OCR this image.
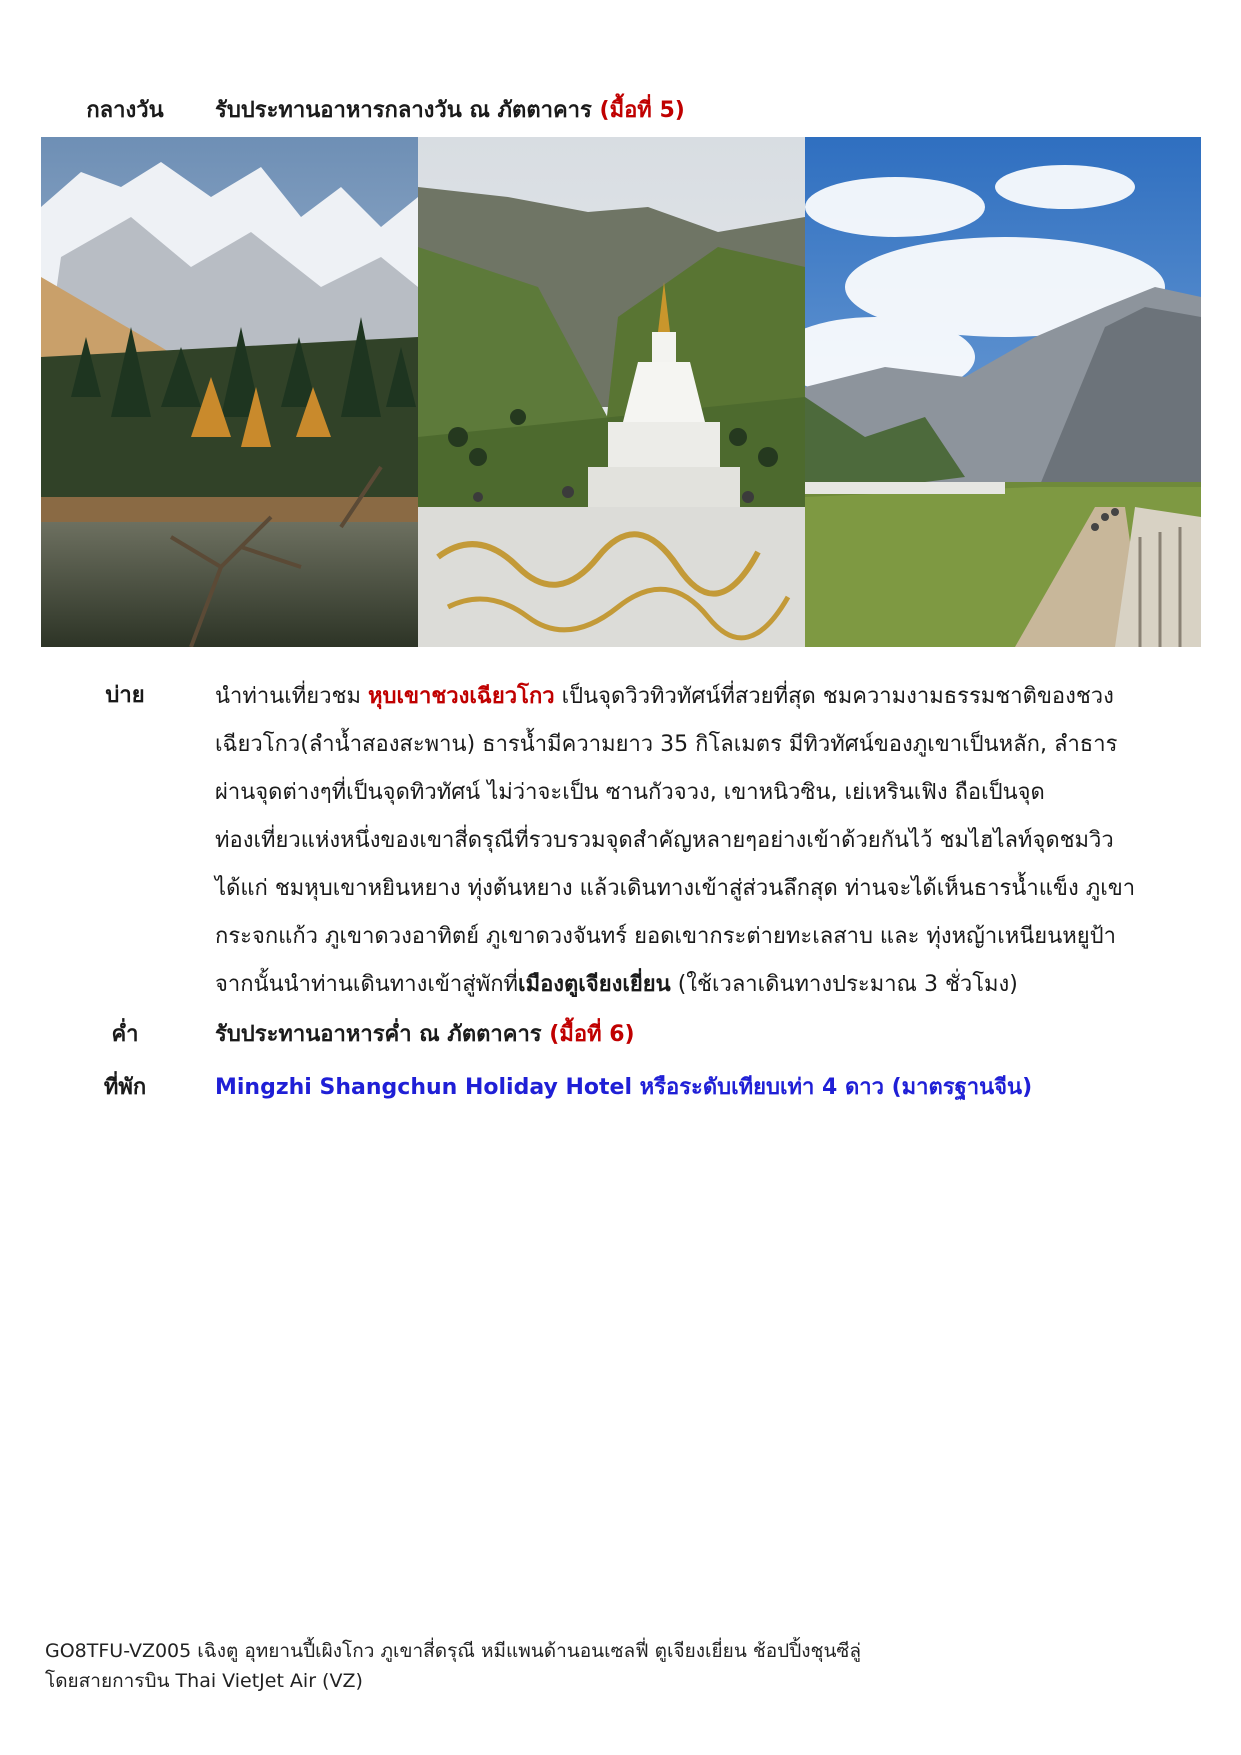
กลางวัน	รับประทานอาหารกลางวัน ณ ภัตตาคาร (มื้อที่ 5)
บ่าย	นำท่านเที่ยวชม หุบเขาชวงเฉียวโกว เป็นจุดวิวทิวทัศน์ที่สวยที่สุด ชมความงามธรรมชาติของชวง
เฉียวโกว(ลำน้ำสองสะพาน) ธารน้ำมีความยาว 35 กิโลเมตร มีทิวทัศน์ของภูเขาเป็นหลัก, ลำธาร
ผ่านจุดต่างๆที่เป็นจุดทิวทัศน์ ไม่ว่าจะเป็น ซานกัวจวง, เขาหนิวซิน, เย่เหรินเฟิง ถือเป็นจุด
ท่องเที่ยวแห่งหนึ่งของเขาสี่ดรุณีที่รวบรวมจุดสำคัญหลายๆอย่างเข้าด้วยกันไว้ ชมไฮไลท์จุดชมวิว
ได้แก่ ชมหุบเขาหยินหยาง ทุ่งต้นหยาง แล้วเดินทางเข้าสู่ส่วนลึกสุด ท่านจะได้เห็นธารน้ำแข็ง ภูเขา
กระจกแก้ว ภูเขาดวงอาทิตย์ ภูเขาดวงจันทร์ ยอดเขากระต่ายทะเลสาบ และ ทุ่งหญ้าเหนียนหยูป้า
จากนั้นนำท่านเดินทางเข้าสู่พักที่เมืองตูเจียงเยี่ยน (ใช้เวลาเดินทางประมาณ 3 ชั่วโมง)
ค่ำ	รับประทานอาหารค่ำ ณ ภัตตาคาร (มื้อที่ 6)
ที่พัก	Mingzhi Shangchun Holiday Hotel หรือระดับเทียบเท่า 4 ดาว (มาตรฐานจีน)
GO8TFU-VZ005 เฉิงตู อุทยานปี้เผิงโกว ภูเขาสี่ดรุณี หมีแพนด้านอนเซลฟี่ ตูเจียงเยี่ยน ช้อปปิ้งชุนซีลู่
โดยสายการบิน Thai VietJet Air (VZ)
